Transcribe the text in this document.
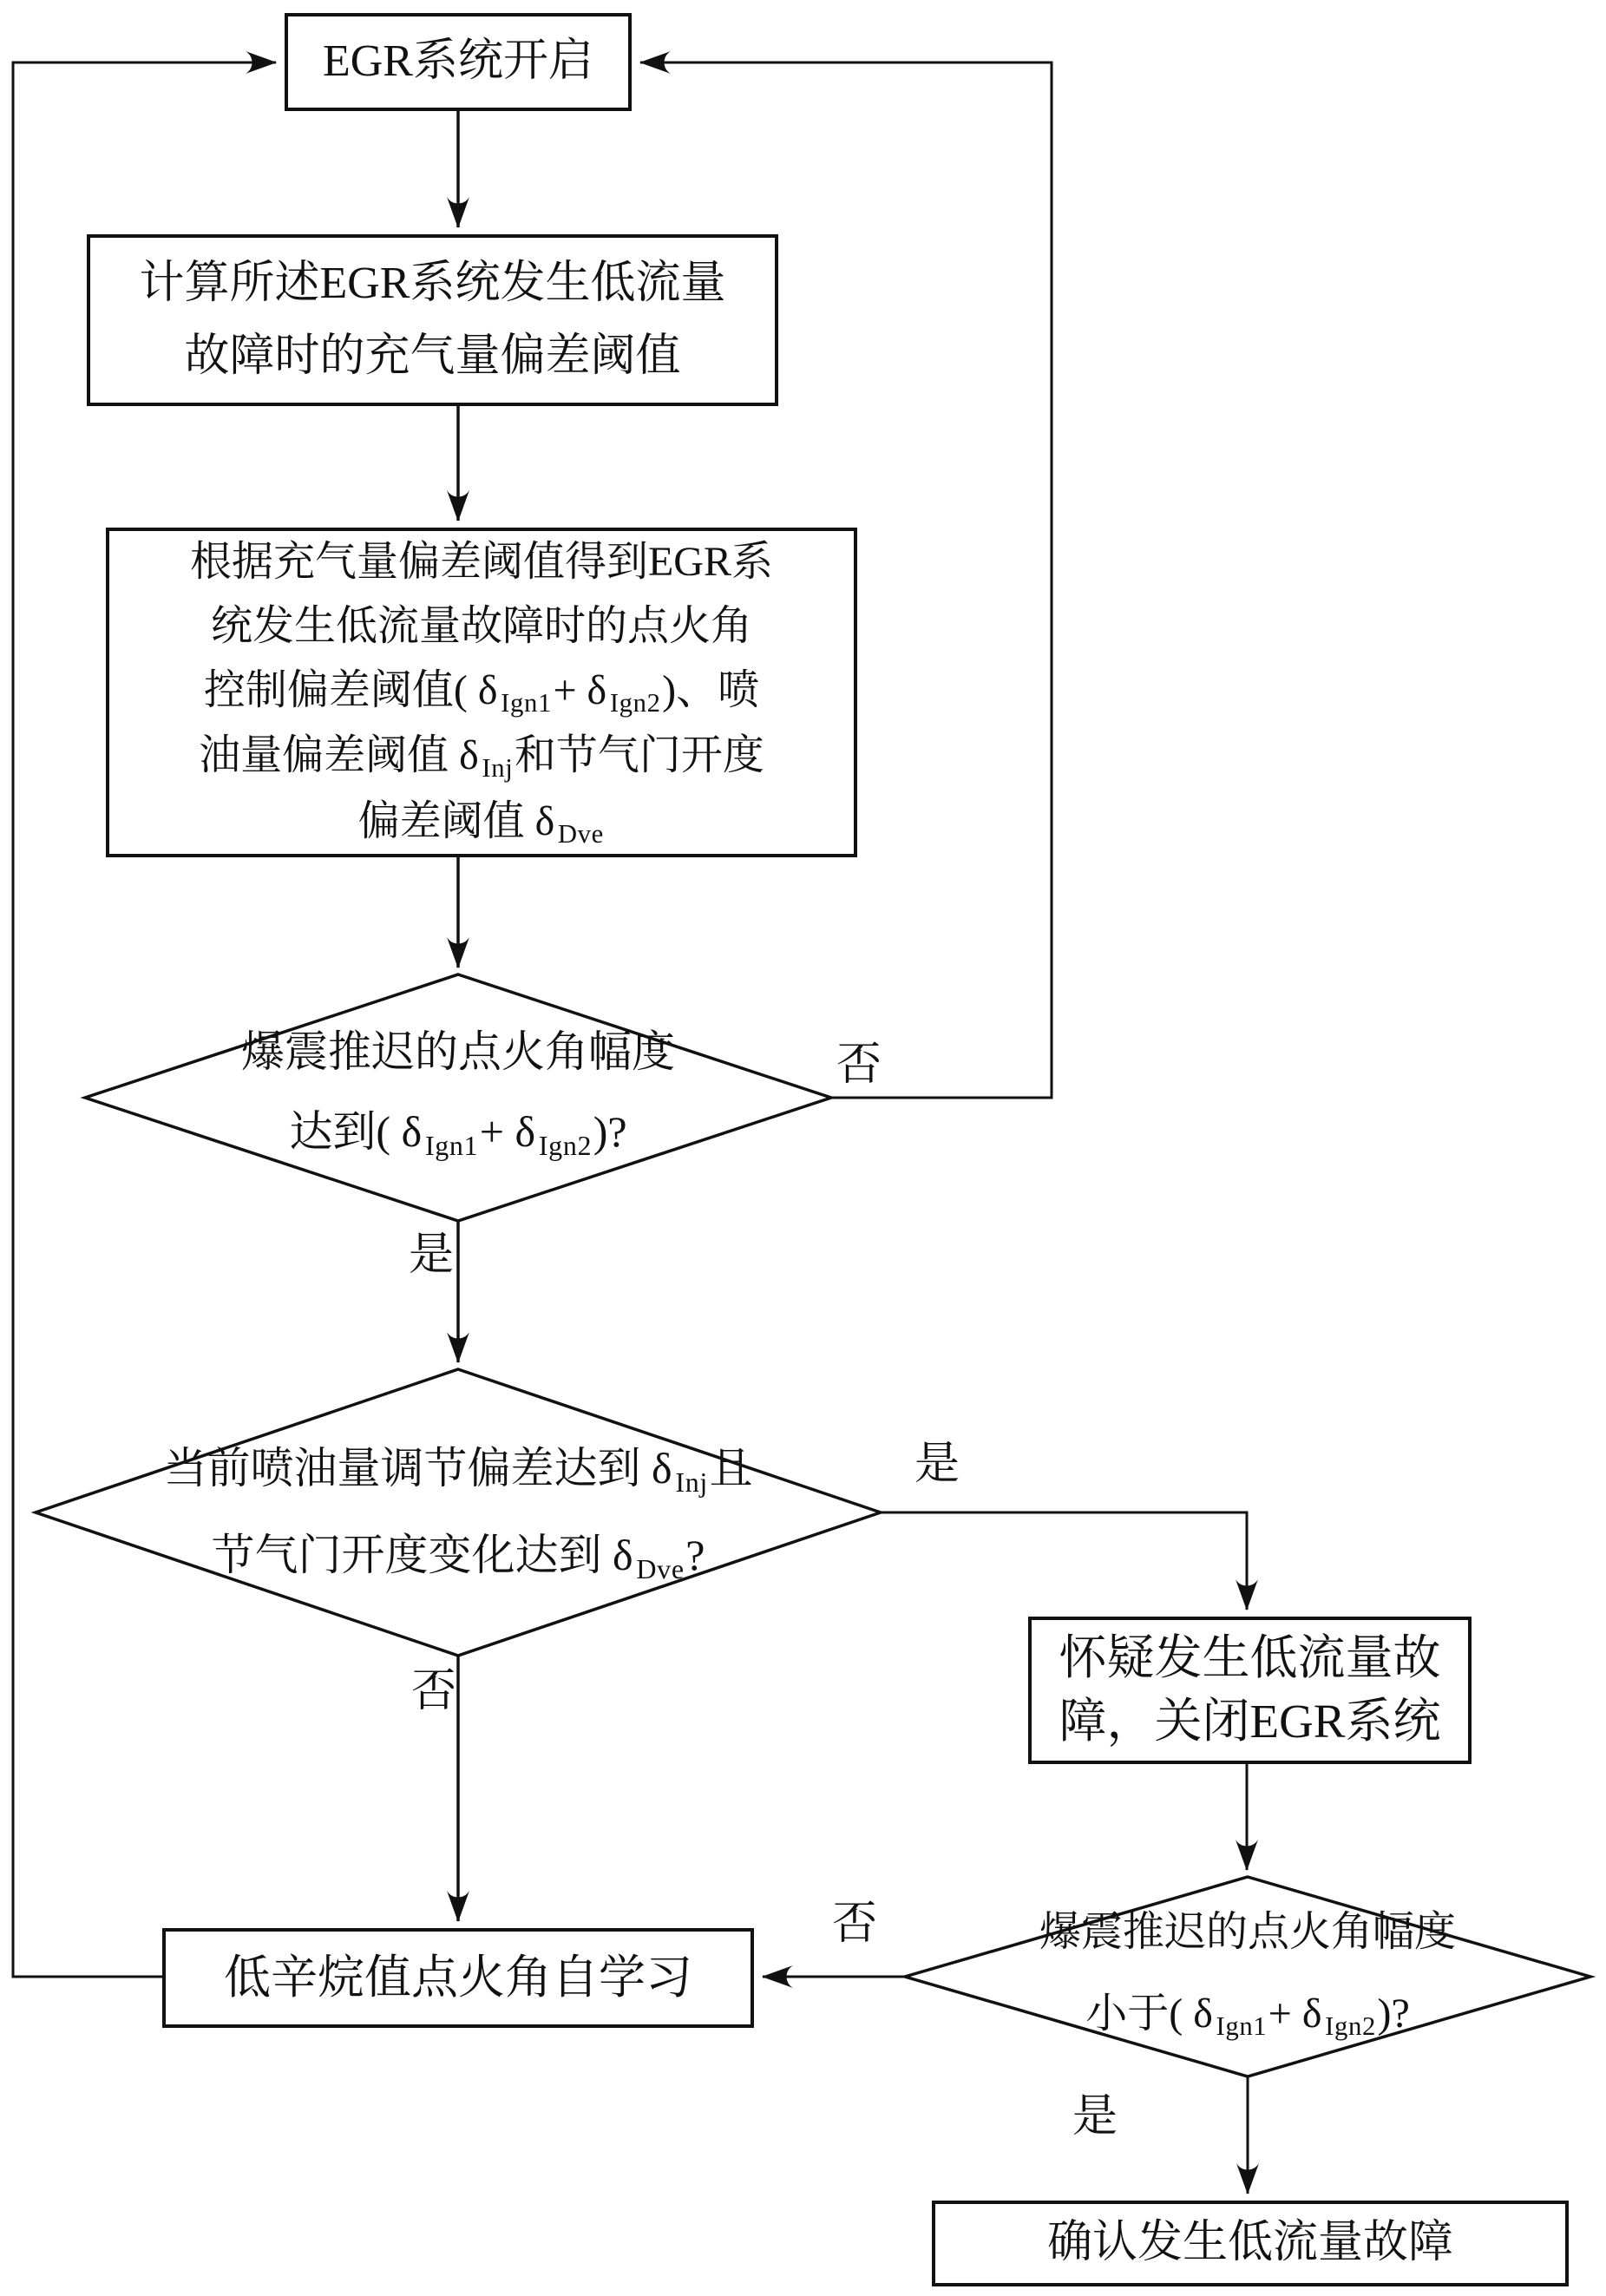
EGR系统开启
计算所述EGR系统发生低流量
故障时的充气量偏差阈值
根据充气量偏差阈值得到EGR系
统发生低流量故障时的点火角
控制偏差阈值( δ $_{Ign1}$+ δ $_{Ign2}$)、喷
油量偏差阈值 δ $_{Inj}$和节气门开度
偏差阈值 δ $_{Dve}$
怀疑发生低流量故
障，关闭EGR系统
低辛烷值点火角自学习
确认发生低流量故障
爆震推迟的点火角幅度
达到( δ $_{Ign1}$+ δ $_{Ign2}$)?
当前喷油量调节偏差达到 δ $_{Inj}$且
节气门开度变化达到 δ $_{Dve}$?
爆震推迟的点火角幅度
小于( δ $_{Ign1}$+ δ $_{Ign2}$)?
否
是
是
否
否
是
